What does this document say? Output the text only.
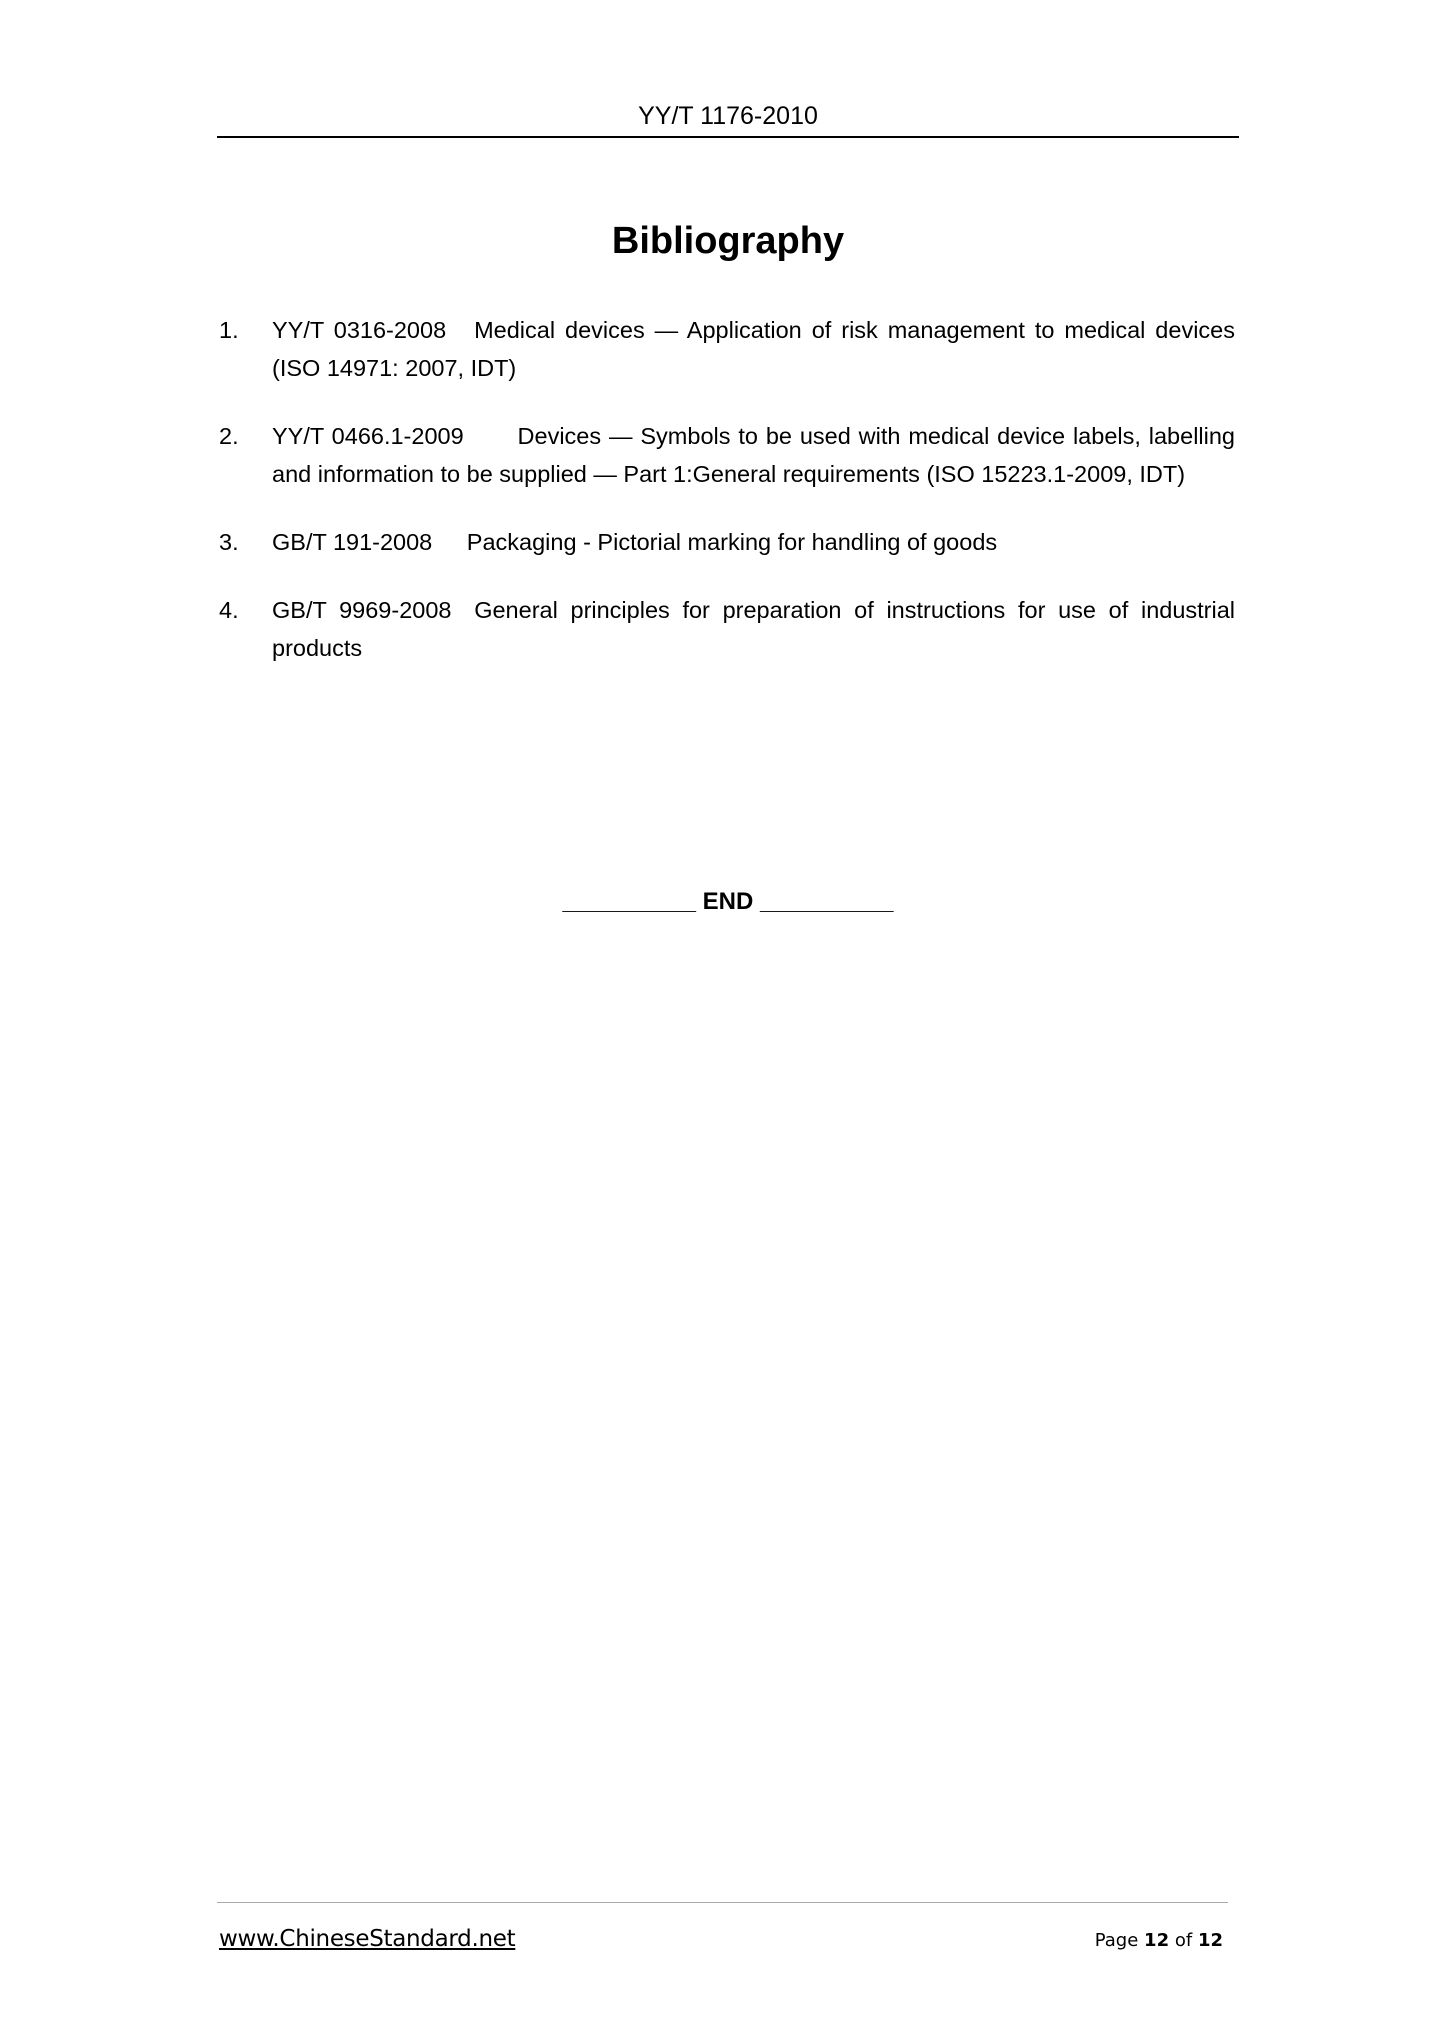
YY/T 1176-2010
Bibliography
1. YY/T 0316-2008 Medical devices — Application of risk management to medical devices (ISO 14971: 2007, IDT)
2. YY/T 0466.1-2009 Devices — Symbols to be used with medical device labels, labelling and information to be supplied — Part 1:General requirements (ISO 15223.1-2009, IDT)
3. GB/T 191-2008 Packaging - Pictorial marking for handling of goods
4. GB/T 9969-2008 General principles for preparation of instructions for use of industrial products
__________ END __________
www.ChineseStandard.net	Page 12 of 12
